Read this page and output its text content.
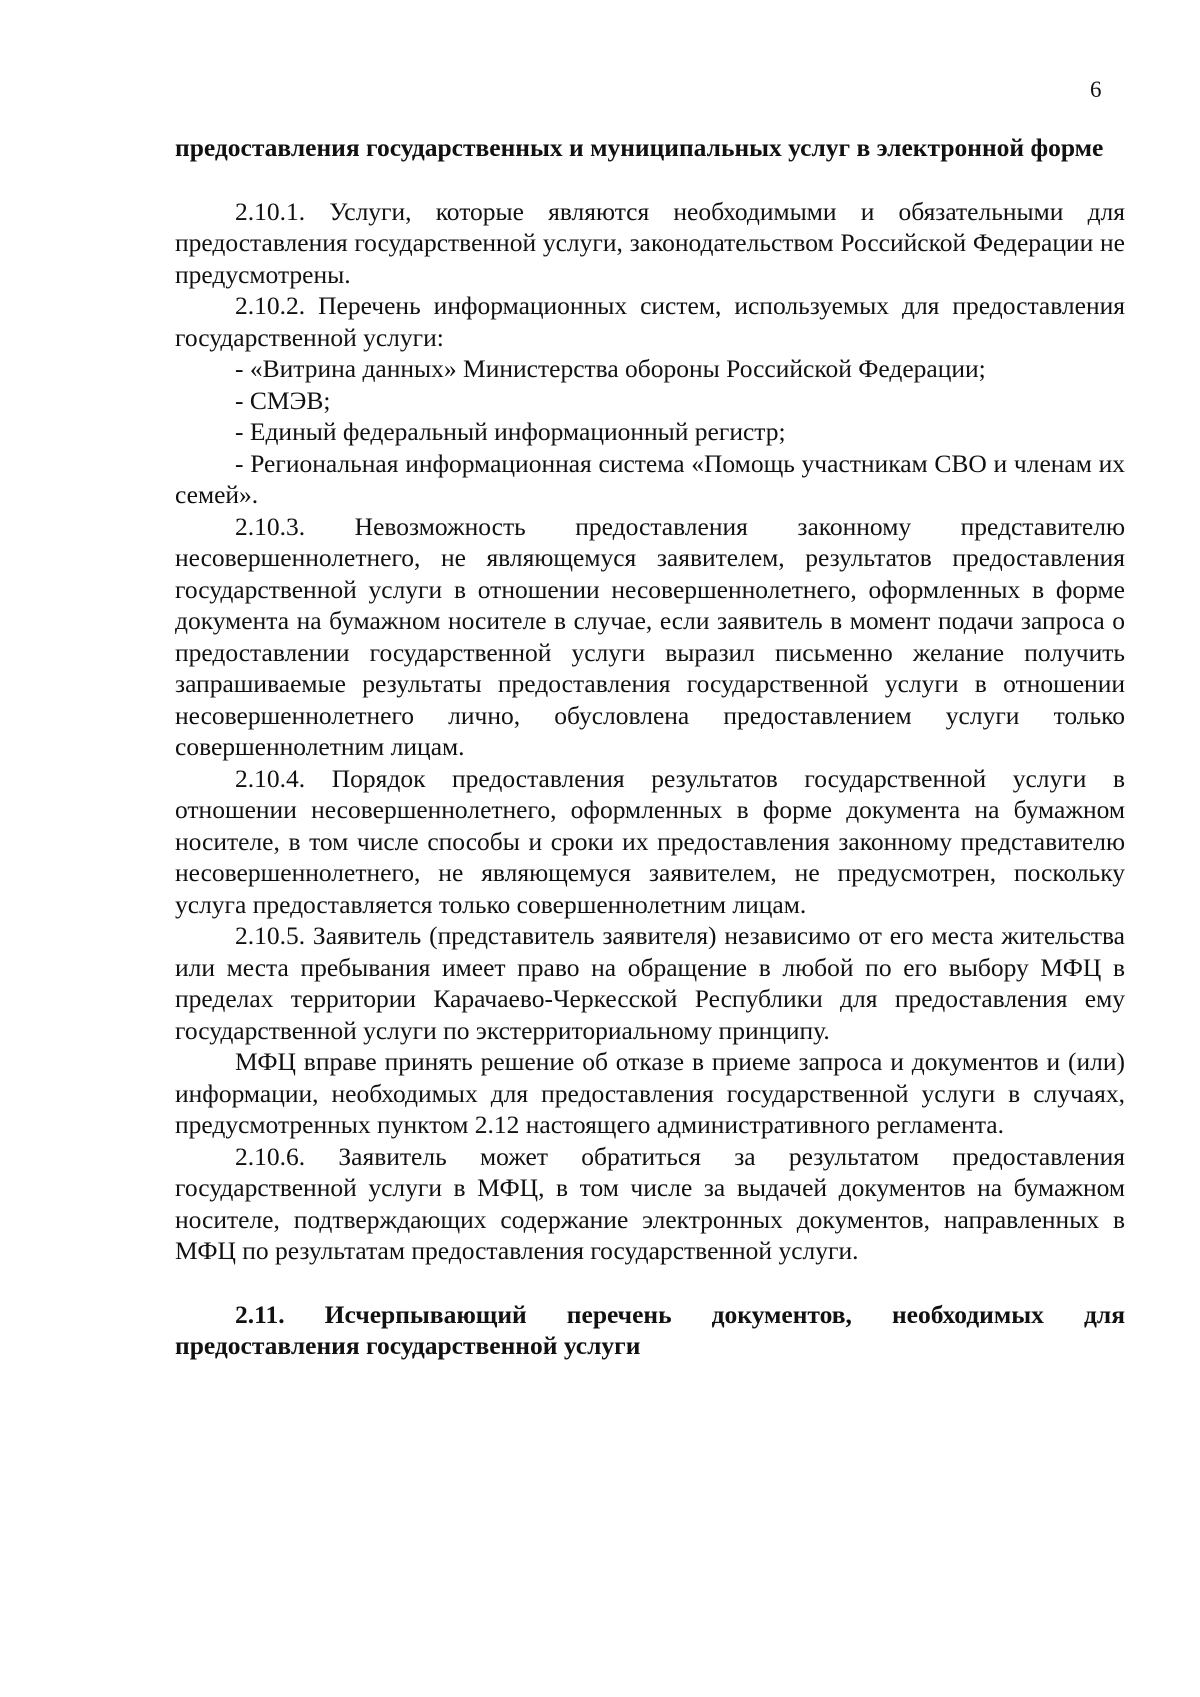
6

предоставления государственных и муниципальных услуг в электронной форме

2.10.1. Услуги, которые являются необходимыми и обязательными для предоставления государственной услуги, законодательством Российской Федерации не предусмотрены.

2.10.2. Перечень информационных систем, используемых для предоставления государственной услуги:

- «Витрина данных» Министерства обороны Российской Федерации;

- СМЭВ;

- Единый федеральный информационный регистр;

- Региональная информационная система «Помощь участникам СВО и членам их семей».

2.10.3. Невозможность предоставления законному представителю несовершеннолетнего, не являющемуся заявителем, результатов предоставления государственной услуги в отношении несовершеннолетнего, оформленных в форме документа на бумажном носителе в случае, если заявитель в момент подачи запроса о предоставлении государственной услуги выразил письменно желание получить запрашиваемые результаты предоставления государственной услуги в отношении несовершеннолетнего лично, обусловлена предоставлением услуги только совершеннолетним лицам.

2.10.4. Порядок предоставления результатов государственной услуги в отношении несовершеннолетнего, оформленных в форме документа на бумажном носителе, в том числе способы и сроки их предоставления законному представителю несовершеннолетнего, не являющемуся заявителем, не предусмотрен, поскольку услуга предоставляется только совершеннолетним лицам.

2.10.5. Заявитель (представитель заявителя) независимо от его места жительства или места пребывания имеет право на обращение в любой по его выбору МФЦ в пределах территории Карачаево-Черкесской Республики для предоставления ему государственной услуги по экстерриториальному принципу.

МФЦ вправе принять решение об отказе в приеме запроса и документов и (или) информации, необходимых для предоставления государственной услуги в случаях, предусмотренных пунктом 2.12 настоящего административного регламента.

2.10.6. Заявитель может обратиться за результатом предоставления государственной услуги в МФЦ, в том числе за выдачей документов на бумажном носителе, подтверждающих содержание электронных документов, направленных в МФЦ по результатам предоставления государственной услуги.

2.11. Исчерпывающий перечень документов, необходимых для предоставления государственной услуги
